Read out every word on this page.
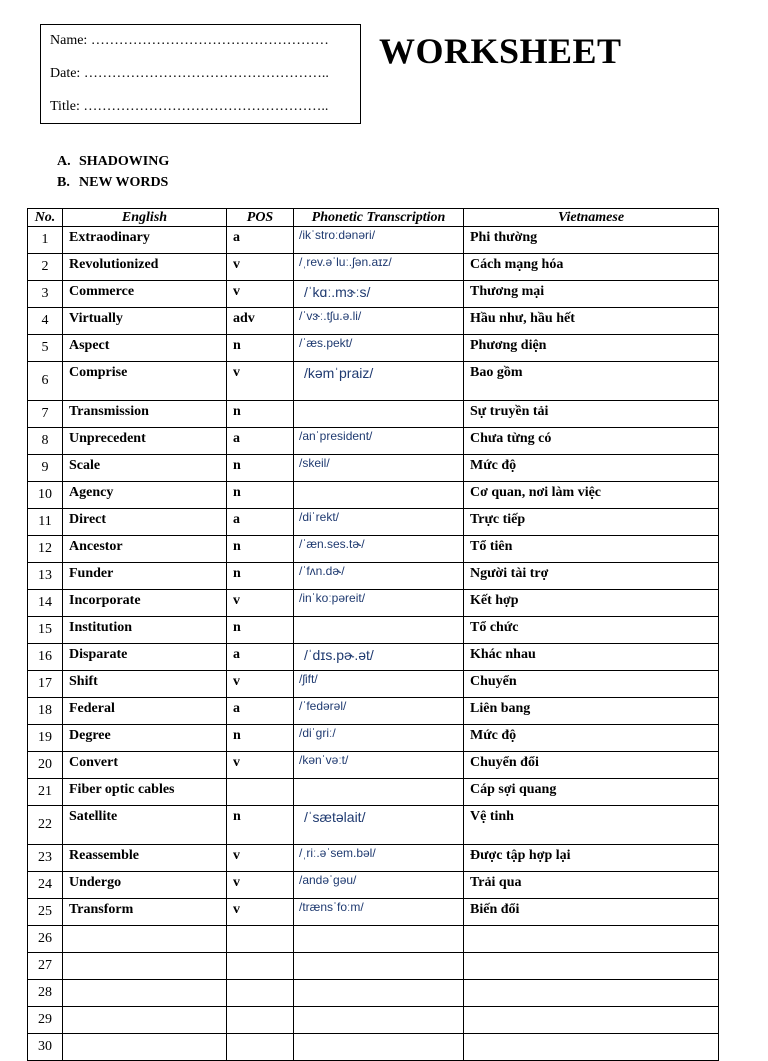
Name: ……………………………………………
Date: ……………………………………………..
Title: ……………………………………………..
WORKSHEET
A. SHADOWING
B. NEW WORDS
No.	English	POS	Phonetic Transcription	Vietnamese
1	Extraodinary	a	/ikˈstroːdənəri/	Phi thường
2	Revolutionized	v	/ˌrev.əˈluː.ʃən.aɪz/	Cách mạng hóa
3	Commerce	v	/ˈkɑː.mɝːs/	Thương mại
4	Virtually	adv	/ˈvɝː.tʃu.ə.li/	Hầu như, hầu hết
5	Aspect	n	/ˈæs.pekt/	Phương diện
6	Comprise	v	/kəmˈpraiz/	Bao gồm
7	Transmission	n		Sự truyền tải
8	Unprecedent	a	/anˈpresident/	Chưa từng có
9	Scale	n	/skeil/	Mức độ
10	Agency	n		Cơ quan, nơi làm việc
11	Direct	a	/diˈrekt/	Trực tiếp
12	Ancestor	n	/ˈæn.ses.tɚ/	Tổ tiên
13	Funder	n	/ˈfʌn.dɚ/	Người tài trợ
14	Incorporate	v	/inˈkoːpəreit/	Kết hợp
15	Institution	n		Tổ chức
16	Disparate	a	/ˈdɪs.pɚ.ət/	Khác nhau
17	Shift	v	/ʃift/	Chuyển
18	Federal	a	/ˈfedərəl/	Liên bang
19	Degree	n	/diˈgriː/	Mức độ
20	Convert	v	/kənˈvəːt/	Chuyển đổi
21	Fiber optic cables			Cáp sợi quang
22	Satellite	n	/ˈsætəlait/	Vệ tinh
23	Reassemble	v	/ˌriː.əˈsem.bəl/	Được tập hợp lại
24	Undergo	v	/andəˈgəu/	Trải qua
25	Transform	v	/trænsˈfoːm/	Biến đổi
26				
27				
28				
29				
30				
